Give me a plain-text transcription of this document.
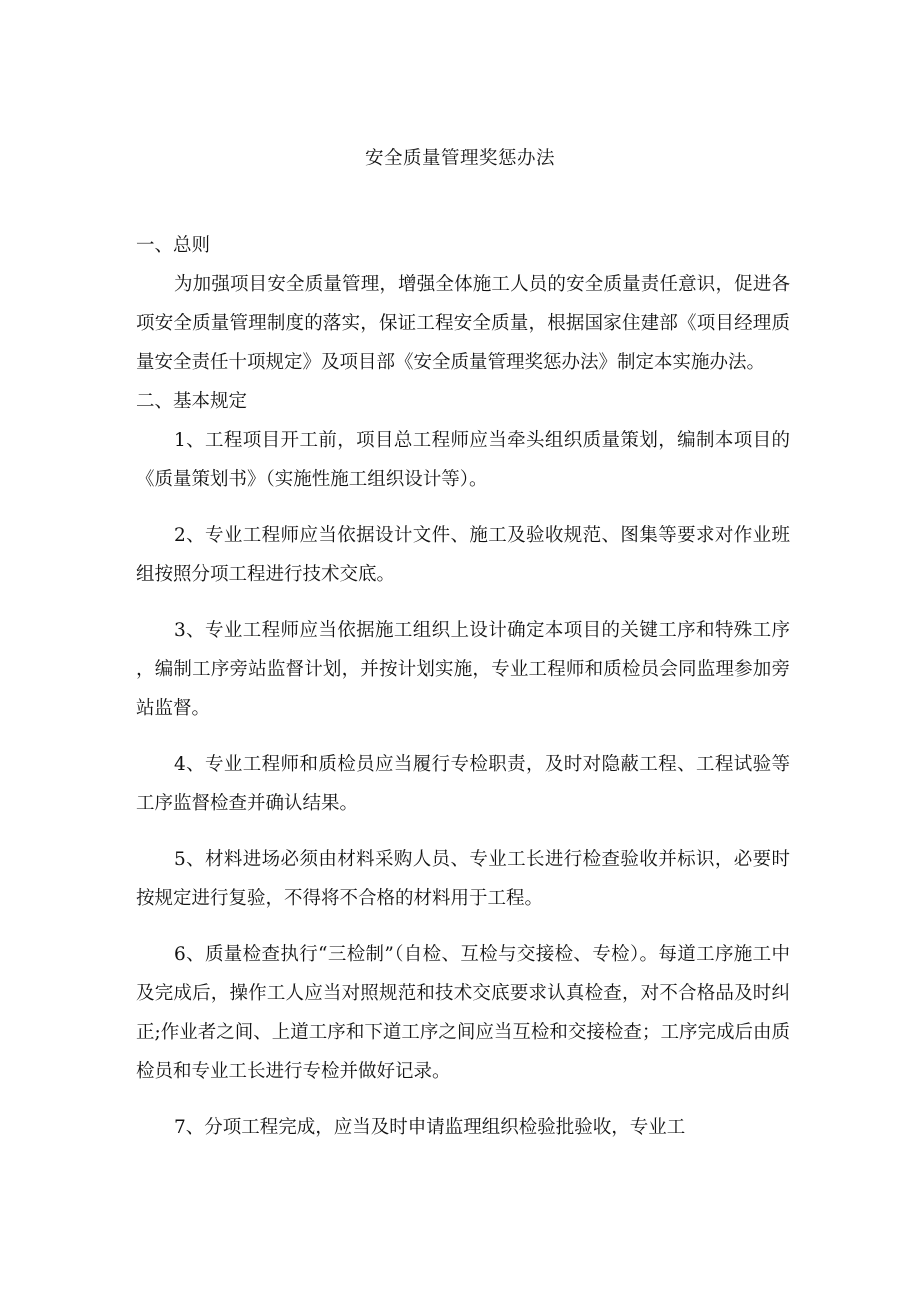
安全质量管理奖惩办法
一、总则

为加强项目安全质量管理，增强全体施工人员的安全质量责任意识，促进各项安全质量管理制度的落实，保证工程安全质量，根据国家住建部《项目经理质量安全责任十项规定》及项目部《安全质量管理奖惩办法》制定本实施办法。

二、基本规定

1、工程项目开工前，项目总工程师应当牵头组织质量策划，编制本项目的《质量策划书》（实施性施工组织设计等）。

2、专业工程师应当依据设计文件、施工及验收规范、图集等要求对作业班组按照分项工程进行技术交底。

3、专业工程师应当依据施工组织上设计确定本项目的关键工序和特殊工序，编制工序旁站监督计划，并按计划实施，专业工程师和质检员会同监理参加旁站监督。

4、专业工程师和质检员应当履行专检职责，及时对隐蔽工程、工程试验等工序监督检查并确认结果。

5、材料进场必须由材料采购人员、专业工长进行检查验收并标识，必要时按规定进行复验，不得将不合格的材料用于工程。

6、质量检查执行“三检制”（自检、互检与交接检、专检）。每道工序施工中及完成后，操作工人应当对照规范和技术交底要求认真检查，对不合格品及时纠正;作业者之间、上道工序和下道工序之间应当互检和交接检查；工序完成后由质检员和专业工长进行专检并做好记录。

7、分项工程完成，应当及时申请监理组织检验批验收，专业工
